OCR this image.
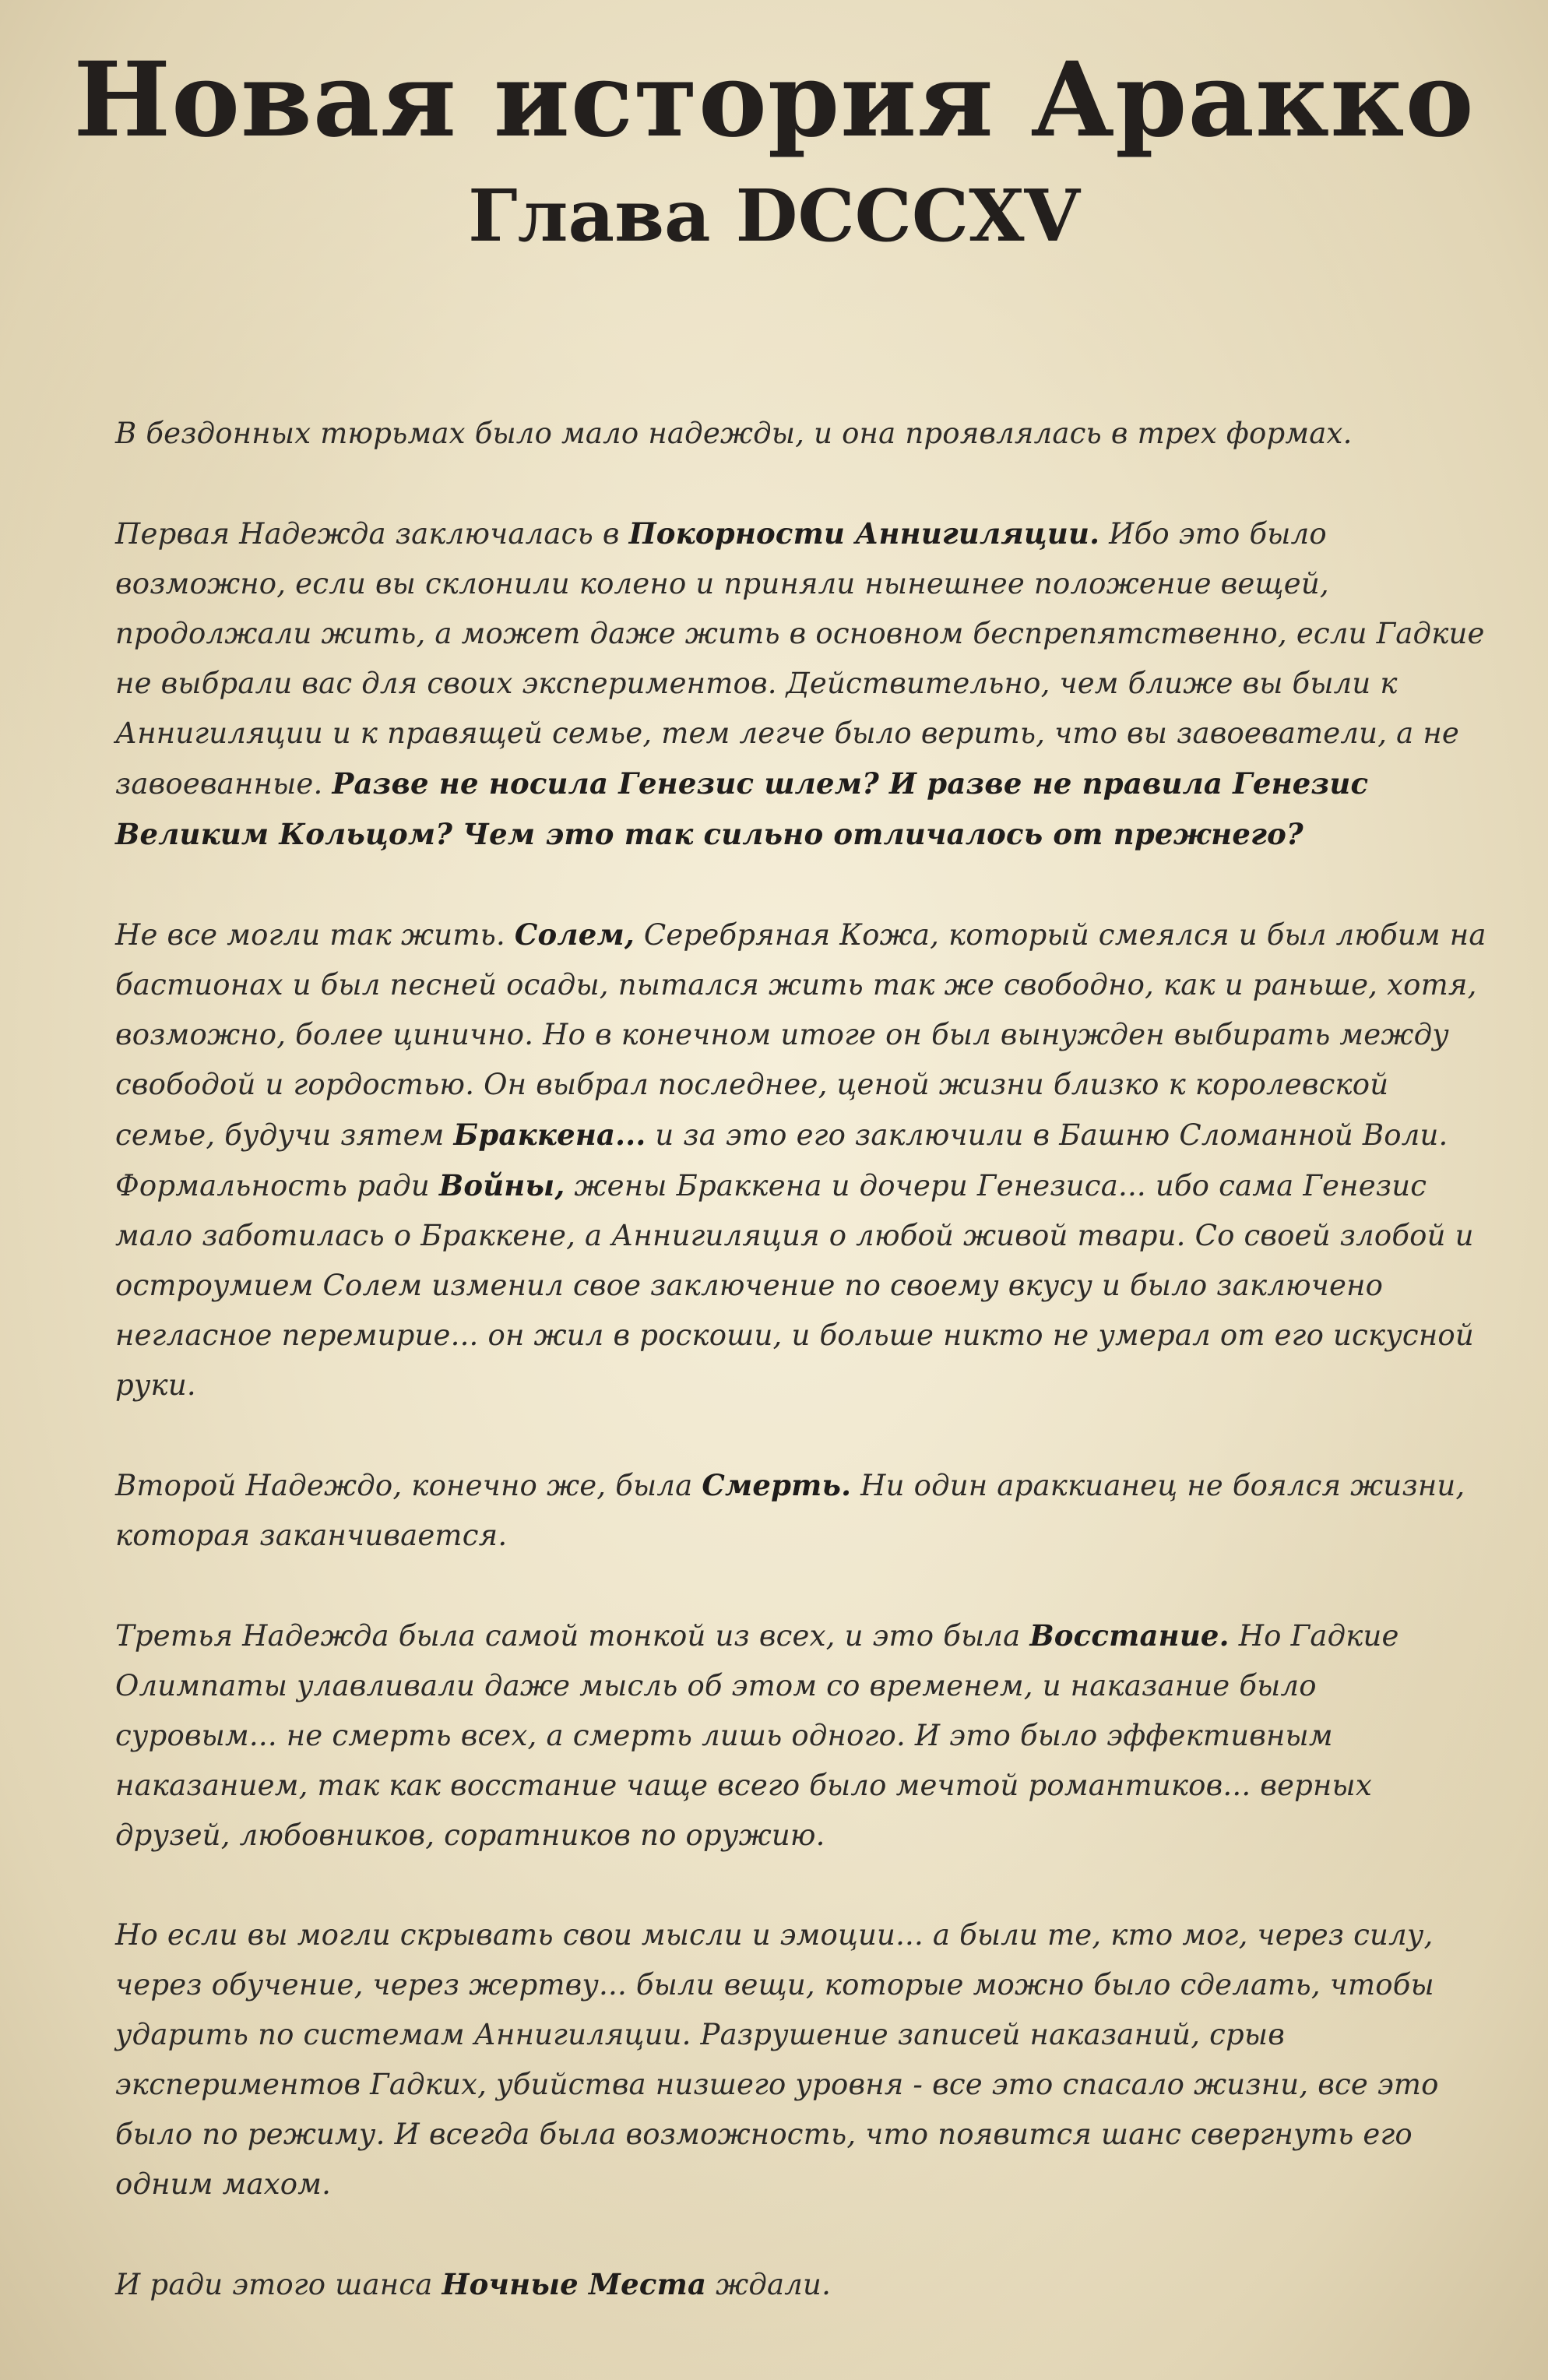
Новая история Аракко
Глава DCCCXV

В бездонных тюрьмах было мало надежды, и она проявлялась в трех формах.

Первая Надежда заключалась в Покорности Аннигиляции. Ибо это было возможно, если вы склонили колено и приняли нынешнее положение вещей, продолжали жить, а может даже жить в основном беспрепятственно, если Гадкие не выбрали вас для своих экспериментов. Действительно, чем ближе вы были к Аннигиляции и к правящей семье, тем легче было верить, что вы завоеватели, а не завоеванные. Разве не носила Генезис шлем? И разве не правила Генезис Великим Кольцом? Чем это так сильно отличалось от прежнего?

Не все могли так жить. Солем, Серебряная Кожа, который смеялся и был любим на бастионах и был песней осады, пытался жить так же свободно, как и раньше, хотя, возможно, более цинично. Но в конечном итоге он был вынужден выбирать между свободой и гордостью. Он выбрал последнее, ценой жизни близко к королевской семье, будучи зятем Браккена... и за это его заключили в Башню Сломанной Воли. Формальность ради Войны, жены Браккена и дочери Генезиса... ибо сама Генезис мало заботилась о Браккене, а Аннигиляция о любой живой твари. Со своей злобой и остроумием Солем изменил свое заключение по своему вкусу и было заключено негласное перемирие... он жил в роскоши, и больше никто не умерал от его искусной руки.

Второй Надеждо, конечно же, была Смерть. Ни один араккианец не боялся жизни, которая заканчивается.

Третья Надежда была самой тонкой из всех, и это была Восстание. Но Гадкие Олимпаты улавливали даже мысль об этом со временем, и наказание было суровым... не смерть всех, а смерть лишь одного. И это было эффективным наказанием, так как восстание чаще всего было мечтой романтиков... верных друзей, любовников, соратников по оружию.

Но если вы могли скрывать свои мысли и эмоции... а были те, кто мог, через силу, через обучение, через жертву... были вещи, которые можно было сделать, чтобы ударить по системам Аннигиляции. Разрушение записей наказаний, срыв экспериментов Гадких, убийства низшего уровня - все это спасало жизни, все это было по режиму. И всегда была возможность, что появится шанс свергнуть его одним махом.

И ради этого шанса Ночные Места ждали.
